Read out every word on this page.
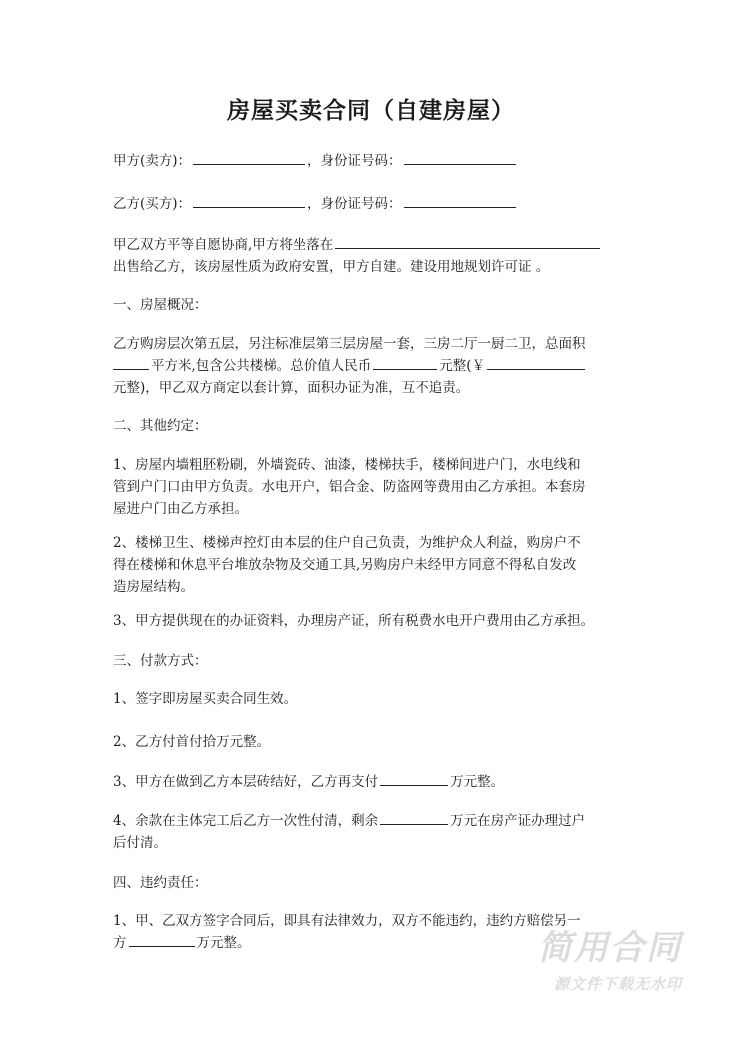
房屋买卖合同（自建房屋）
甲方(卖方)：	，身份证号码：
乙方(买方)：	，身份证号码：
甲乙双方平等自愿协商,甲方将坐落在
出售给乙方，该房屋性质为政府安置，甲方自建。建设用地规划许可证 。
一、房屋概况：
乙方购房层次第五层，另注标准层第三层房屋一套，三房二厅一厨二卫，总面积
平方米,包含公共楼梯。总价值人民币	元整(￥
元整)，甲乙双方商定以套计算，面积办证为准，互不追责。
二、其他约定：
1、房屋内墙粗胚粉刷，外墙瓷砖、油漆，楼梯扶手，楼梯间进户门，水电线和
管到户门口由甲方负责。水电开户，铝合金、防盗网等费用由乙方承担。本套房
屋进户门由乙方承担。
2、楼梯卫生、楼梯声控灯由本层的住户自己负责，为维护众人利益，购房户不
得在楼梯和休息平台堆放杂物及交通工具,另购房户未经甲方同意不得私自发改
造房屋结构。
3、甲方提供现在的办证资料，办理房产证，所有税费水电开户费用由乙方承担。
三、付款方式：
1、签字即房屋买卖合同生效。
2、乙方付首付拾万元整。
3、甲方在做到乙方本层砖结好，乙方再支付	万元整。
4、余款在主体完工后乙方一次性付清，剩余	万元在房产证办理过户
后付清。
四、违约责任：
1、甲、乙双方签字合同后，即具有法律效力，双方不能违约，违约方赔偿另一
方	万元整。	简用合同
源文件下载无水印
